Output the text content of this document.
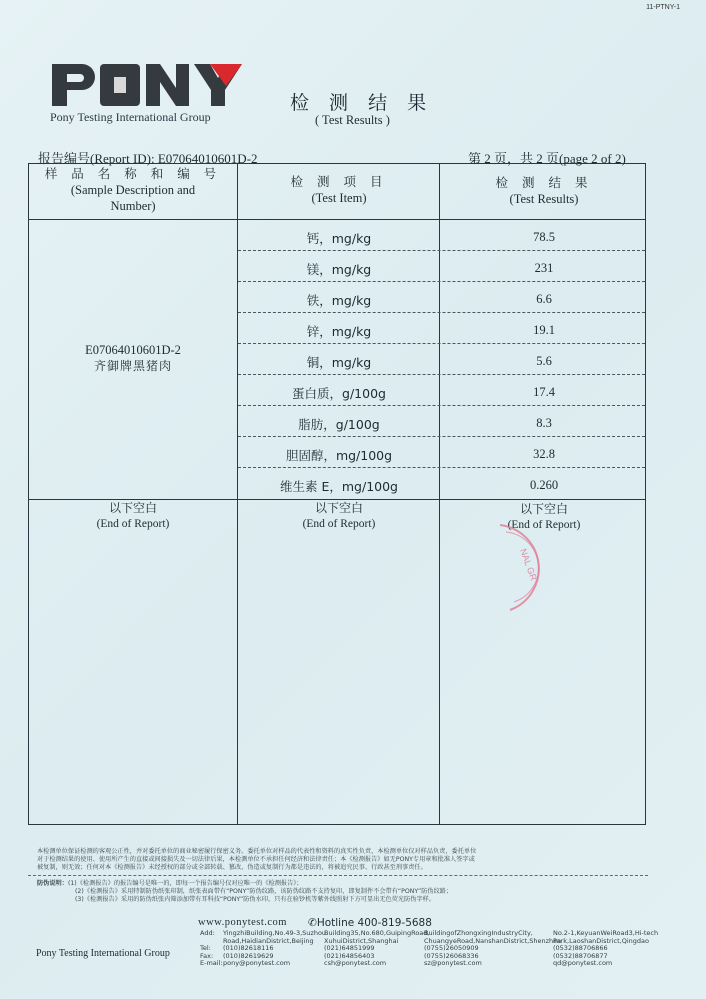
11-PTNY-1
Pony Testing International Group
检 测 结 果
( Test Results )
报告编号(Report ID): E07064010601D-2	第 2 页，共 2 页(page 2 of 2)
样 品 名 称 和 编 号
(Sample Description and
Number)
检 测 项 目
(Test Item)
检 测 结 果
(Test Results)
E07064010601D-2
齐御牌黑猪肉
钙，mg/kg	78.5
镁，mg/kg	231
铁，mg/kg	6.6
锌，mg/kg	19.1
铜，mg/kg	5.6
蛋白质，g/100g	17.4
脂肪，g/100g	8.3
胆固醇，mg/100g	32.8
维生素 E，mg/100g	0.260
以下空白
(End of Report)
以下空白
(End of Report)
以下空白
(End of Report)
NAL GR
本检测单位保证检测的客观公正性，并对委托单位的商业秘密履行保密义务。委托单位对样品的代表性和资料的真实性负责，本检测单位仅对样品负责，委托单位
对于检测结果的使用、使用所产生的直接或间接损失及一切法律后果，本检测单位不承担任何经济和法律责任；本《检测报告》如无PONY专用章和批准人签字或
被复制，则无效；任何对本《检测报告》未经授权的部分或全部转载、篡改、伪造或复制行为都是违法的，将被追究民事、行政甚至刑事责任。
防伪说明：(1)《检测报告》的报告编号是唯一的，即每一个报告编号仅对应唯一的《检测报告》；
(2)《检测报告》采用特制防伪纸张印制，纸张表面带有“PONY”防伪纹路，该防伪纹路不支持复印，即复制件不会带有“PONY”防伪纹路；
(3)《检测报告》采用的防伪纸张内筛添加带有耳科技“PONY”防伪水印，只有在验钞机等紫外线照射下方可显出无色荧光防伪字样。
www.ponytest.com ✆Hotline 400-819-5688
Pony Testing International Group
Add:

Tel:
Fax:
E-mail:
YingzhiBuilding,No.49-3,Suzhou
Road,HaidianDistrict,Beijing
(010)82618116
(010)82619629
pony@ponytest.com
Building35,No.680,GuipingRoad,
XuhuiDistrict,Shanghai
(021)64851999
(021)64856403
csh@ponytest.com
BuildingofZhongxingIndustryCity,
ChuangyeRoad,NanshanDistrict,Shenzhen
(0755)26050909
(0755)26068336
sz@ponytest.com
No.2-1,KeyuanWeiRoad3,Hi-tech
Park,LaoshanDistrict,Qingdao
(0532)88706866
(0532)88706877
qd@ponytest.com
